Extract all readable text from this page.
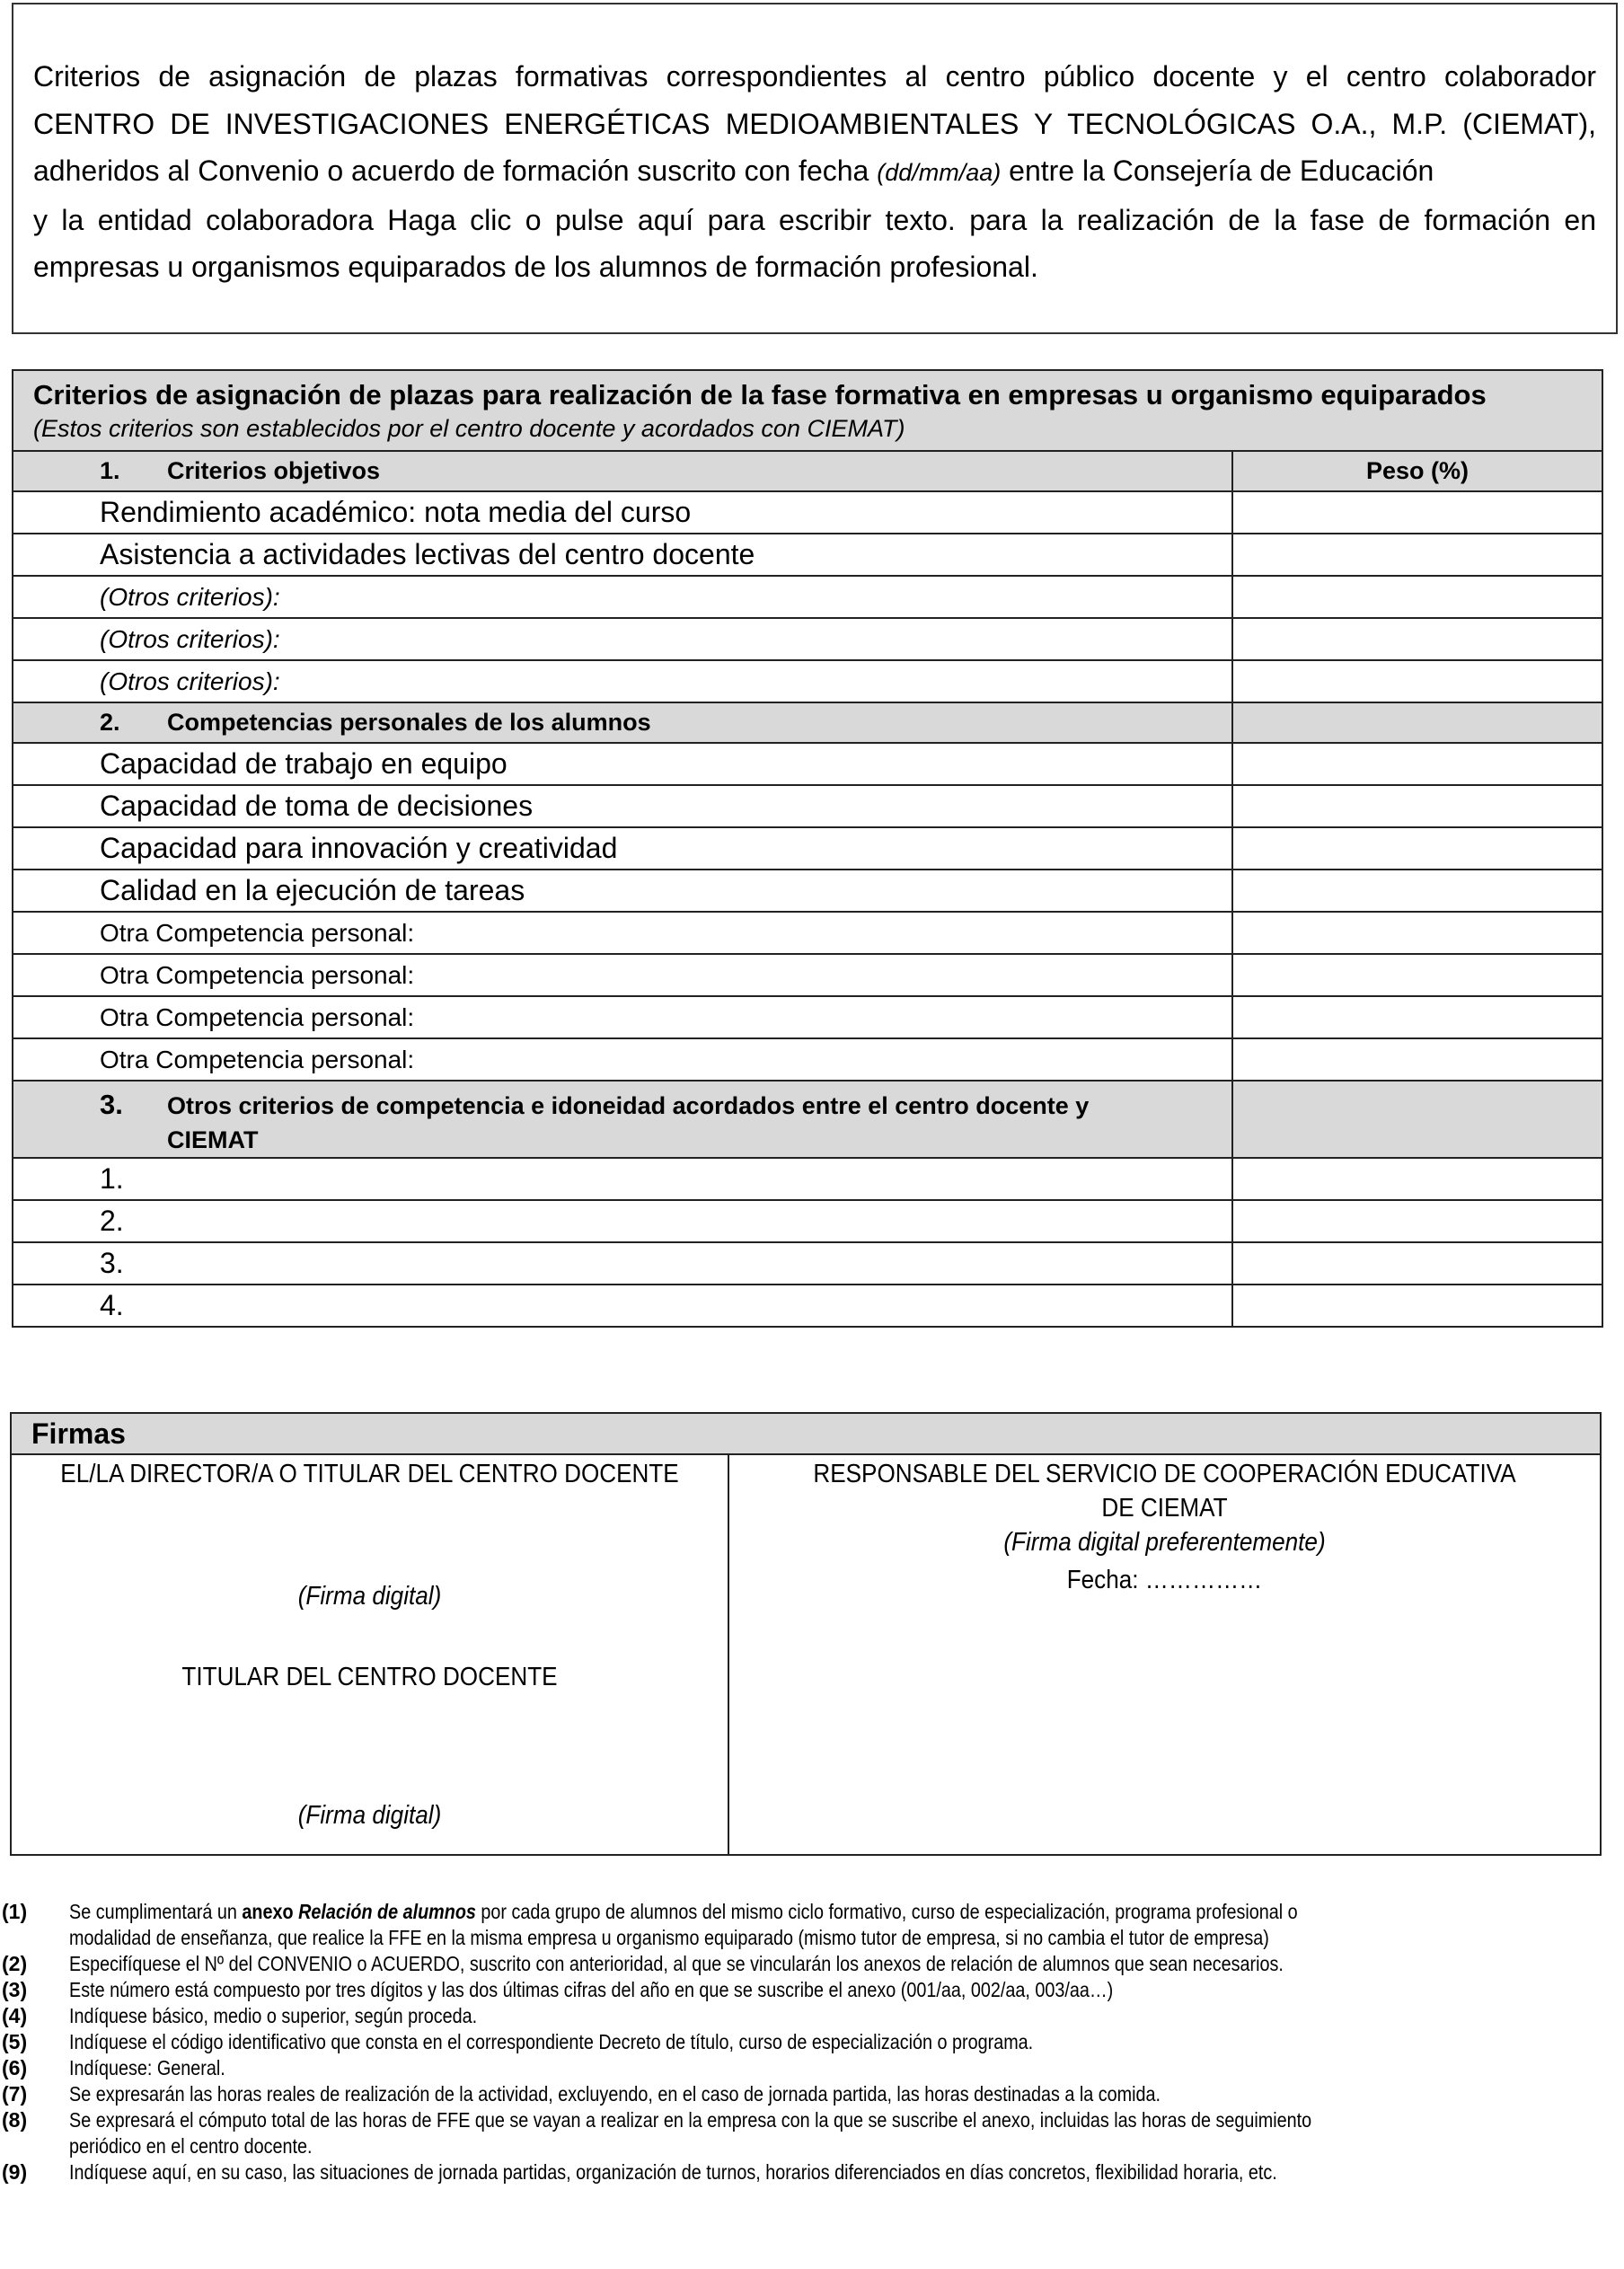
Criterios de asignación de plazas formativas correspondientes al centro público docente y el centro colaborador
CENTRO DE INVESTIGACIONES ENERGÉTICAS MEDIOAMBIENTALES Y TECNOLÓGICAS O.A., M.P. (CIEMAT),
adheridos al Convenio o acuerdo de formación suscrito con fecha (dd/mm/aa) entre la Consejería de Educación
y la entidad colaboradora Haga clic o pulse aquí para escribir texto. para la realización de la fase de formación en
empresas u organismos equiparados de los alumnos de formación profesional.

Criterios de asignación de plazas para realización de la fase formativa en empresas u organismo equiparados
(Estos criterios son establecidos por el centro docente y acordados con CIEMAT)	

1. Criterios objetivos	Peso (%)
Rendimiento académico: nota media del curso	
Asistencia a actividades lectivas del centro docente	
(Otros criterios):	
(Otros criterios):	
(Otros criterios):	
2. Competencias personales de los alumnos	
Capacidad de trabajo en equipo	
Capacidad de toma de decisiones	
Capacidad para innovación y creatividad	
Calidad en la ejecución de tareas	
Otra Competencia personal:	
Otra Competencia personal:	
Otra Competencia personal:	
Otra Competencia personal:	

3. Otros criterios de competencia e idoneidad acordados entre el centro docente y CIEMAT	

1.	
2.	
3.	
4.	
Firmas
EL/LA DIRECTOR/A O TITULAR DEL CENTRO DOCENTE
(Firma digital)
TITULAR DEL CENTRO DOCENTE
(Firma digital)
RESPONSABLE DEL SERVICIO DE COOPERACIÓN EDUCATIVA
DE CIEMAT
(Firma digital preferentemente)
Fecha: ……………
(1)	Se cumplimentará un anexo Relación de alumnos por cada grupo de alumnos del mismo ciclo formativo, curso de especialización, programa profesional o
modalidad de enseñanza, que realice la FFE en la misma empresa u organismo equiparado (mismo tutor de empresa, si no cambia el tutor de empresa)
(2)	Especifíquese el Nº del CONVENIO o ACUERDO, suscrito con anterioridad, al que se vincularán los anexos de relación de alumnos que sean necesarios.
(3)	Este número está compuesto por tres dígitos y las dos últimas cifras del año en que se suscribe el anexo (001/aa, 002/aa, 003/aa…)
(4)	Indíquese básico, medio o superior, según proceda.
(5)	Indíquese el código identificativo que consta en el correspondiente Decreto de título, curso de especialización o programa.
(6)	Indíquese: General.
(7)	Se expresarán las horas reales de realización de la actividad, excluyendo, en el caso de jornada partida, las horas destinadas a la comida.
(8)	Se expresará el cómputo total de las horas de FFE que se vayan a realizar en la empresa con la que se suscribe el anexo, incluidas las horas de seguimiento
periódico en el centro docente.
(9)	Indíquese aquí, en su caso, las situaciones de jornada partidas, organización de turnos, horarios diferenciados en días concretos, flexibilidad horaria, etc.
